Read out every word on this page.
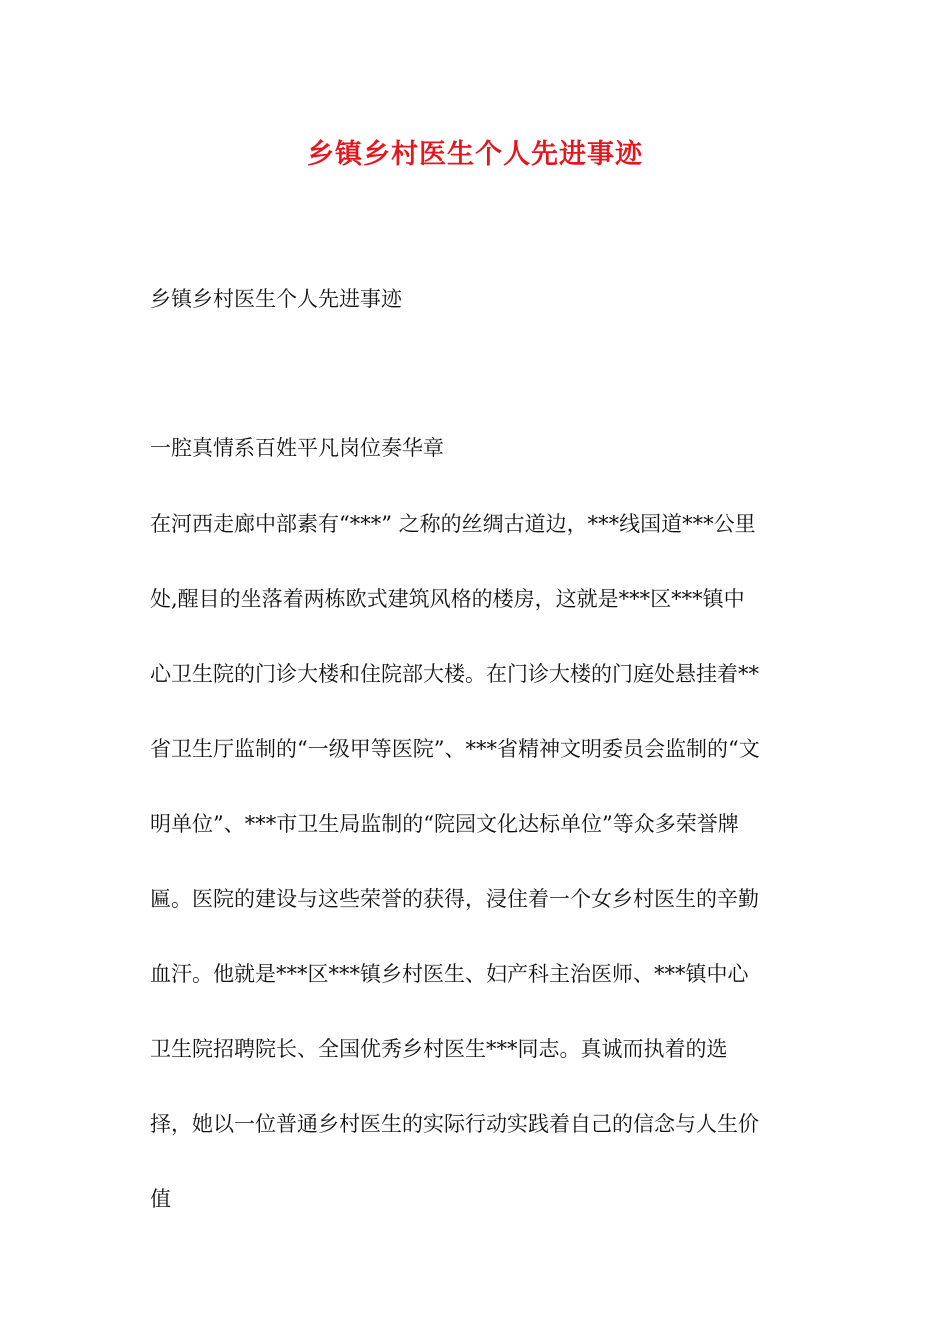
乡镇乡村医生个人先进事迹

乡镇乡村医生个人先进事迹

一腔真情系百姓平凡岗位奏华章

在河西走廊中部素有“***” 之称的丝绸古道边，***线国道***公里

处,醒目的坐落着两栋欧式建筑风格的楼房，这就是***区***镇中

心卫生院的门诊大楼和住院部大楼。在门诊大楼的门庭处悬挂着**

省卫生厅监制的“一级甲等医院”、***省精神文明委员会监制的“文

明单位”、***市卫生局监制的“院园文化达标单位”等众多荣誉牌

匾。医院的建设与这些荣誉的获得，浸住着一个女乡村医生的辛勤

血汗。他就是***区***镇乡村医生、妇产科主治医师、***镇中心

卫生院招聘院长、全国优秀乡村医生***同志。真诚而执着的选

择，她以一位普通乡村医生的实际行动实践着自己的信念与人生价

值
